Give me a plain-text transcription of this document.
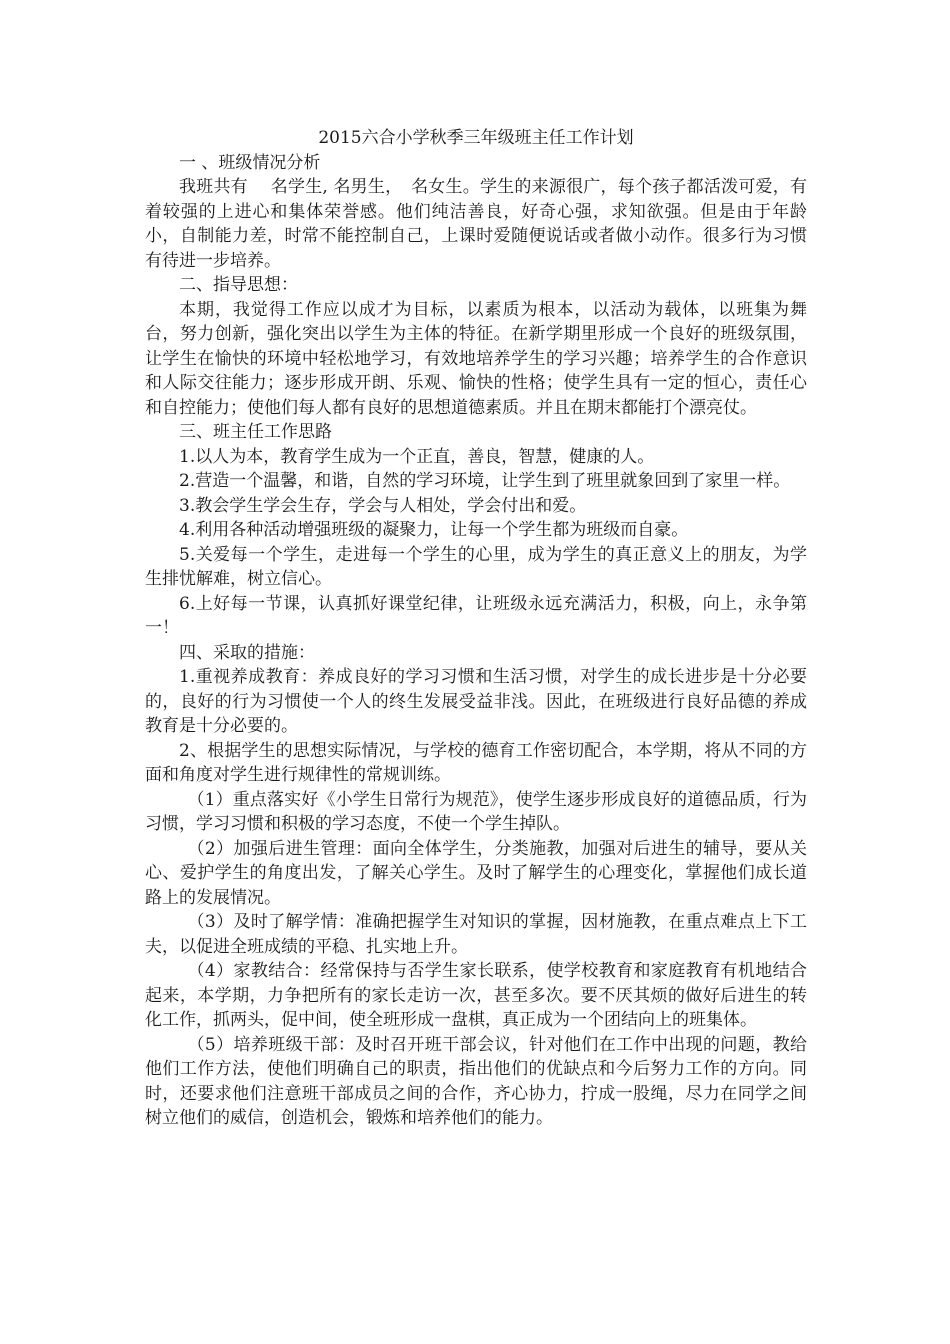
2015六合小学秋季三年级班主任工作计划

一 、班级情况分析

我班共有　 名学生, 名男生，　名女生。学生的来源很广，每个孩子都活泼可爱，有着较强的上进心和集体荣誉感。他们纯洁善良，好奇心强，求知欲强。但是由于年龄小，自制能力差，时常不能控制自己，上课时爱随便说话或者做小动作。很多行为习惯有待进一步培养。

二、指导思想：

本期，我觉得工作应以成才为目标，以素质为根本，以活动为载体，以班集为舞台，努力创新，强化突出以学生为主体的特征。在新学期里形成一个良好的班级氛围，让学生在愉快的环境中轻松地学习，有效地培养学生的学习兴趣；培养学生的合作意识和人际交往能力；逐步形成开朗、乐观、愉快的性格；使学生具有一定的恒心，责任心和自控能力；使他们每人都有良好的思想道德素质。并且在期末都能打个漂亮仗。

三、班主任工作思路

1.以人为本，教育学生成为一个正直，善良，智慧，健康的人。

2.营造一个温馨，和谐，自然的学习环境，让学生到了班里就象回到了家里一样。

3.教会学生学会生存，学会与人相处，学会付出和爱。

4.利用各种活动增强班级的凝聚力，让每一个学生都为班级而自豪。

5.关爱每一个学生，走进每一个学生的心里，成为学生的真正意义上的朋友，为学生排忧解难，树立信心。

6.上好每一节课，认真抓好课堂纪律，让班级永远充满活力，积极，向上，永争第一！

四、采取的措施：

1.重视养成教育：养成良好的学习习惯和生活习惯，对学生的成长进步是十分必要的，良好的行为习惯使一个人的终生发展受益非浅。因此，在班级进行良好品德的养成教育是十分必要的。

2、根据学生的思想实际情况，与学校的德育工作密切配合，本学期，将从不同的方面和角度对学生进行规律性的常规训练。

（1）重点落实好《小学生日常行为规范》，使学生逐步形成良好的道德品质，行为习惯，学习习惯和积极的学习态度，不使一个学生掉队。

（2）加强后进生管理：面向全体学生，分类施教，加强对后进生的辅导，要从关心、爱护学生的角度出发，了解关心学生。及时了解学生的心理变化，掌握他们成长道路上的发展情况。

（3）及时了解学情：准确把握学生对知识的掌握，因材施教，在重点难点上下工夫，以促进全班成绩的平稳、扎实地上升。

（4）家教结合：经常保持与否学生家长联系，使学校教育和家庭教育有机地结合起来，本学期，力争把所有的家长走访一次，甚至多次。要不厌其烦的做好后进生的转化工作，抓两头，促中间，使全班形成一盘棋，真正成为一个团结向上的班集体。

（5）培养班级干部：及时召开班干部会议，针对他们在工作中出现的问题，教给他们工作方法，使他们明确自己的职责，指出他们的优缺点和今后努力工作的方向。同时，还要求他们注意班干部成员之间的合作，齐心协力，拧成一股绳，尽力在同学之间树立他们的威信，创造机会，锻炼和培养他们的能力。
